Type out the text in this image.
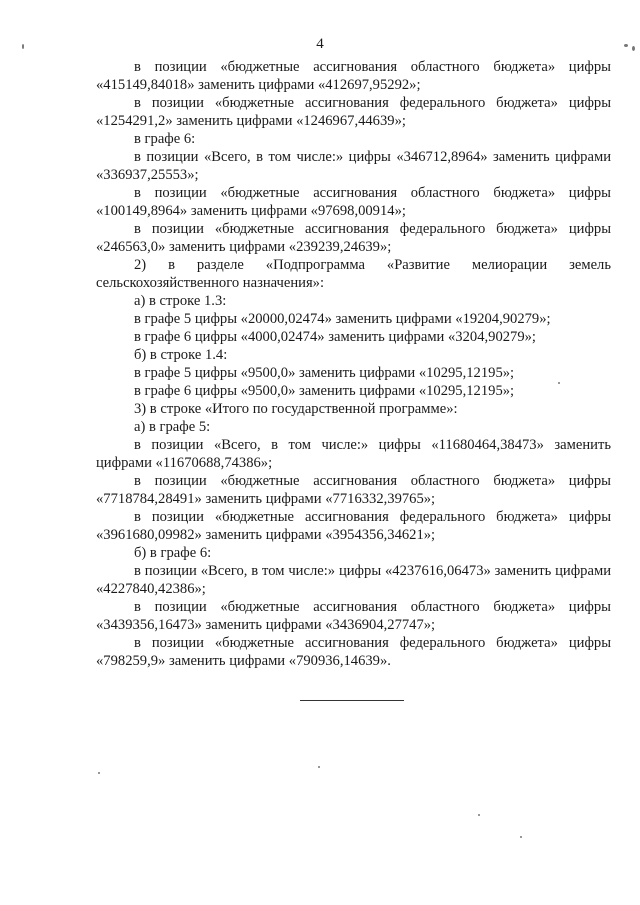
4

в позиции «бюджетные ассигнования областного бюджета» цифры «415149,84018» заменить цифрами «412697,95292»;

в позиции «бюджетные ассигнования федерального бюджета» цифры «1254291,2» заменить цифрами «1246967,44639»;

в графе 6:

в позиции «Всего, в том числе:» цифры «346712,8964» заменить цифрами «336937,25553»;

в позиции «бюджетные ассигнования областного бюджета» цифры «100149,8964» заменить цифрами «97698,00914»;

в позиции «бюджетные ассигнования федерального бюджета» цифры «246563,0» заменить цифрами «239239,24639»;

2) в разделе «Подпрограмма «Развитие мелиорации земель сельскохозяйственного назначения»:

а) в строке 1.3:

в графе 5 цифры «20000,02474» заменить цифрами «19204,90279»;

в графе 6 цифры «4000,02474» заменить цифрами «3204,90279»;

б) в строке 1.4:

в графе 5 цифры «9500,0» заменить цифрами «10295,12195»;

в графе 6 цифры «9500,0» заменить цифрами «10295,12195»;

3) в строке «Итого по государственной программе»:

а) в графе 5:

в позиции «Всего, в том числе:» цифры «11680464,38473» заменить цифрами «11670688,74386»;

в позиции «бюджетные ассигнования областного бюджета» цифры «7718784,28491» заменить цифрами «7716332,39765»;

в позиции «бюджетные ассигнования федерального бюджета» цифры «3961680,09982» заменить цифрами «3954356,34621»;

б) в графе 6:

в позиции «Всего, в том числе:» цифры «4237616,06473» заменить цифрами «4227840,42386»;

в позиции «бюджетные ассигнования областного бюджета» цифры «3439356,16473» заменить цифрами «3436904,27747»;

в позиции «бюджетные ассигнования федерального бюджета» цифры «798259,9» заменить цифрами «790936,14639».
